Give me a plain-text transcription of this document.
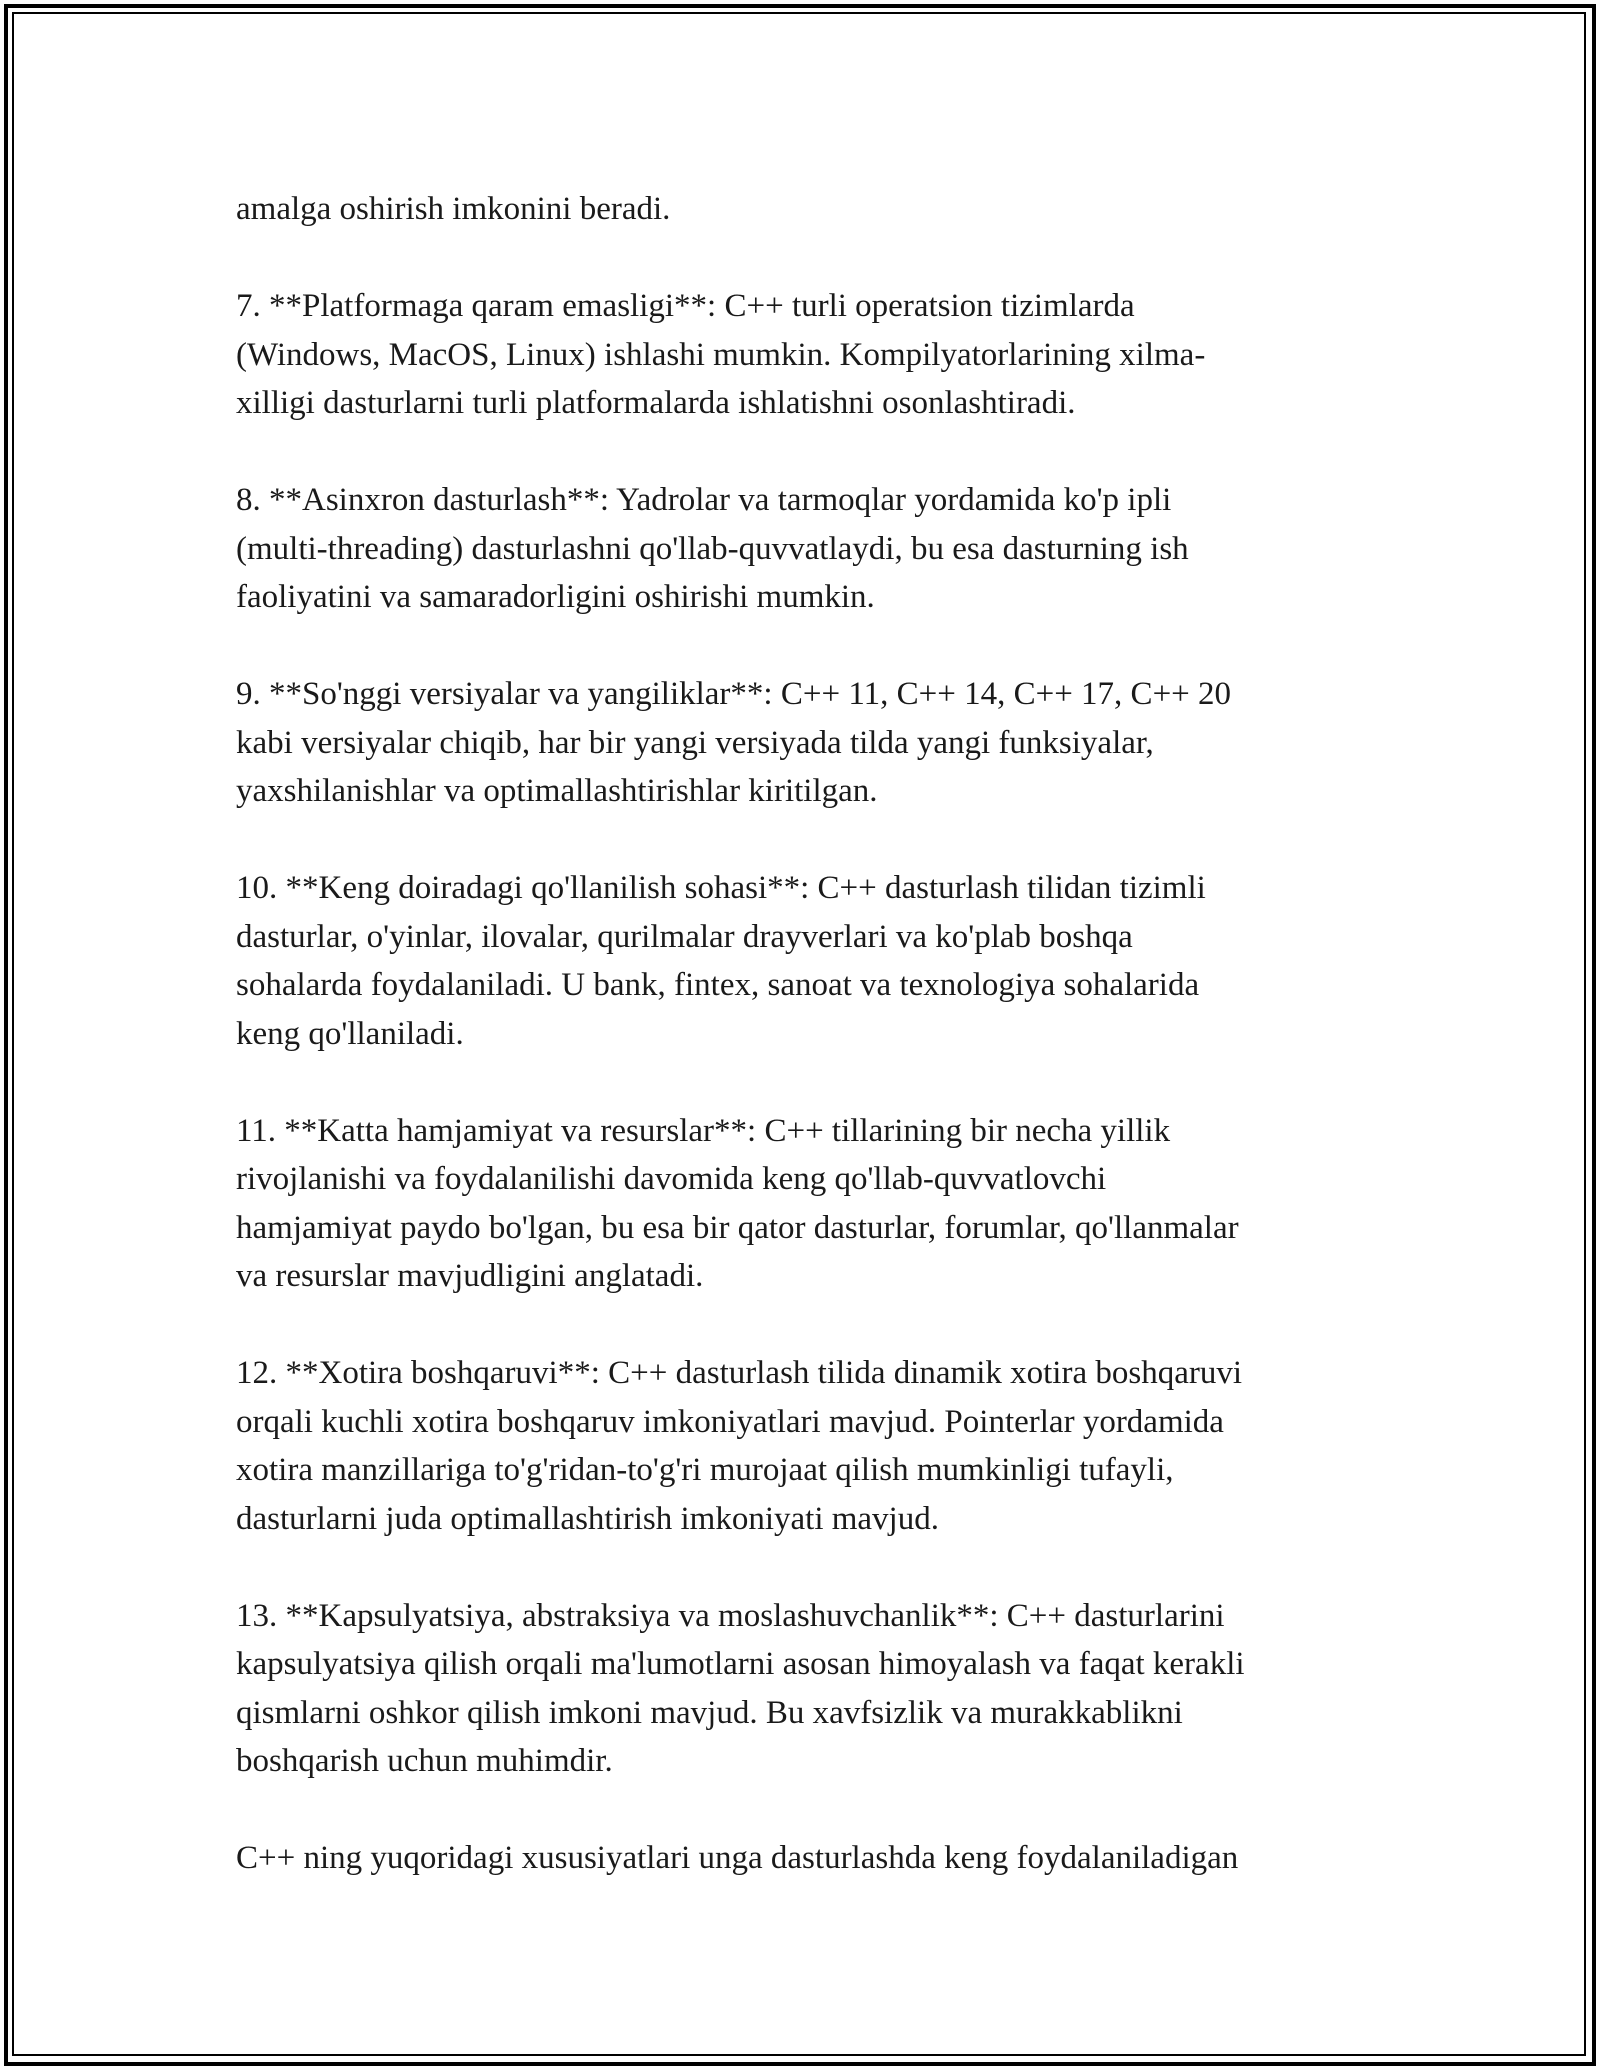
amalga oshirish imkonini beradi.

7. **Platformaga qaram emasligi**: C++ turli operatsion tizimlarda
(Windows, MacOS, Linux) ishlashi mumkin. Kompilyatorlarining xilma-
xilligi dasturlarni turli platformalarda ishlatishni osonlashtiradi.

8. **Asinxron dasturlash**: Yadrolar va tarmoqlar yordamida ko'p ipli
(multi-threading) dasturlashni qo'llab-quvvatlaydi, bu esa dasturning ish
faoliyatini va samaradorligini oshirishi mumkin.

9. **So'nggi versiyalar va yangiliklar**: C++ 11, C++ 14, C++ 17, C++ 20
kabi versiyalar chiqib, har bir yangi versiyada tilda yangi funksiyalar,
yaxshilanishlar va optimallashtirishlar kiritilgan.

10. **Keng doiradagi qo'llanilish sohasi**: C++ dasturlash tilidan tizimli
dasturlar, o'yinlar, ilovalar, qurilmalar drayverlari va ko'plab boshqa
sohalarda foydalaniladi. U bank, fintex, sanoat va texnologiya sohalarida
keng qo'llaniladi.

11. **Katta hamjamiyat va resurslar**: C++ tillarining bir necha yillik
rivojlanishi va foydalanilishi davomida keng qo'llab-quvvatlovchi
hamjamiyat paydo bo'lgan, bu esa bir qator dasturlar, forumlar, qo'llanmalar
va resurslar mavjudligini anglatadi.

12. **Xotira boshqaruvi**: C++ dasturlash tilida dinamik xotira boshqaruvi
orqali kuchli xotira boshqaruv imkoniyatlari mavjud. Pointerlar yordamida
xotira manzillariga to'g'ridan-to'g'ri murojaat qilish mumkinligi tufayli,
dasturlarni juda optimallashtirish imkoniyati mavjud.

13. **Kapsulyatsiya, abstraksiya va moslashuvchanlik**: C++ dasturlarini
kapsulyatsiya qilish orqali ma'lumotlarni asosan himoyalash va faqat kerakli
qismlarni oshkor qilish imkoni mavjud. Bu xavfsizlik va murakkablikni
boshqarish uchun muhimdir.

C++ ning yuqoridagi xususiyatlari unga dasturlashda keng foydalaniladigan
